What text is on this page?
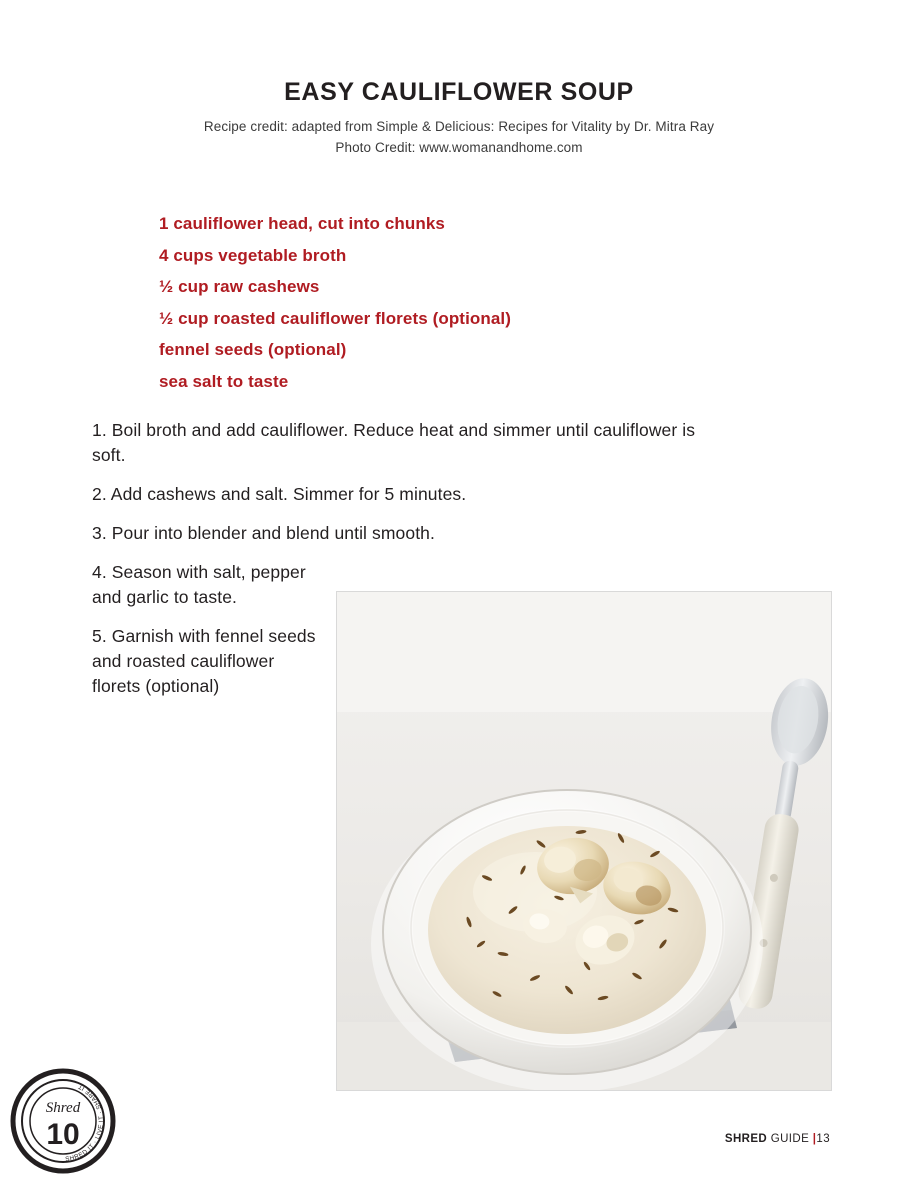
EASY CAULIFLOWER SOUP
Recipe credit: adapted from Simple & Delicious: Recipes for Vitality by Dr. Mitra Ray
Photo Credit: www.womanandhome.com
1 cauliflower head, cut into chunks
4 cups vegetable broth
½ cup raw cashews
½ cup roasted cauliflower florets (optional)
fennel seeds (optional)
sea salt to taste
1. Boil broth and add cauliflower. Reduce heat and simmer until cauliflower is soft.
2. Add cashews and salt. Simmer for 5 minutes.
3. Pour into blender and blend until smooth.
4. Season with salt, pepper and garlic to taste.
5. Garnish with fennel seeds and roasted cauliflower florets (optional)
SHRED GUIDE |13
Shred
10
SHRED IT · LIVE IT · SHARE IT
